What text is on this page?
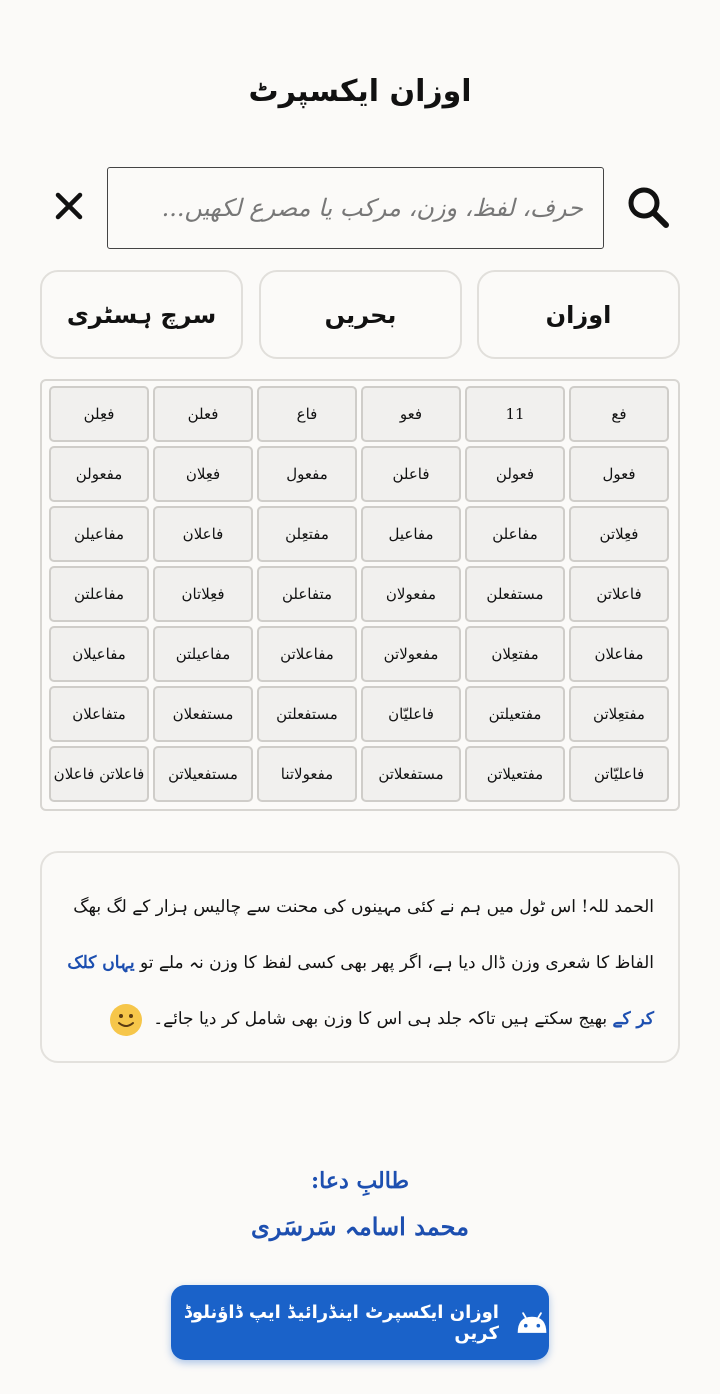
اوزان ایکسپرٹ
حرف، لفظ، وزن، مرکب یا مصرع لکھیں...
اوزان
بحریں
سرچ ہسٹری
فع
11
فعو
فاع
فعلن
فعِلن
فعول
فعولن
فاعلن
مفعول
فعِلان
مفعولن
فعِلاتن
مفاعلن
مفاعیل
مفتعِلن
فاعلان
مفاعیلن
فاعلاتن
مستفعلن
مفعولان
متفاعلن
فعِلاتان
مفاعلتن
مفاعلان
مفتعِلان
مفعولاتن
مفاعلاتن
مفاعیلتن
مفاعیلان
مفتعِلاتن
مفتعیلتن
فاعلیّان
مستفعلتن
مستفعلان
متفاعلان
فاعلیّاتن
مفتعیلاتن
مستفعلاتن
مفعولاتنا
مستفعیلاتن
فاعلاتن فاعلان
الحمد للہ! اس ٹول میں ہم نے کئی مہینوں کی محنت سے چالیس ہزار کے لگ بھگ الفاظ کا شعری وزن ڈال دیا ہے، اگر پھر بھی کسی لفظ کا وزن نہ ملے تو یہاں کلک کر کے بھیج سکتے ہیں تاکہ جلد ہی اس کا وزن بھی شامل کر دیا جائے۔
طالبِ دعا:
محمد اسامہ سَرسَری
اوزان ایکسپرٹ اینڈرائیڈ ایپ ڈاؤنلوڈ کریں
